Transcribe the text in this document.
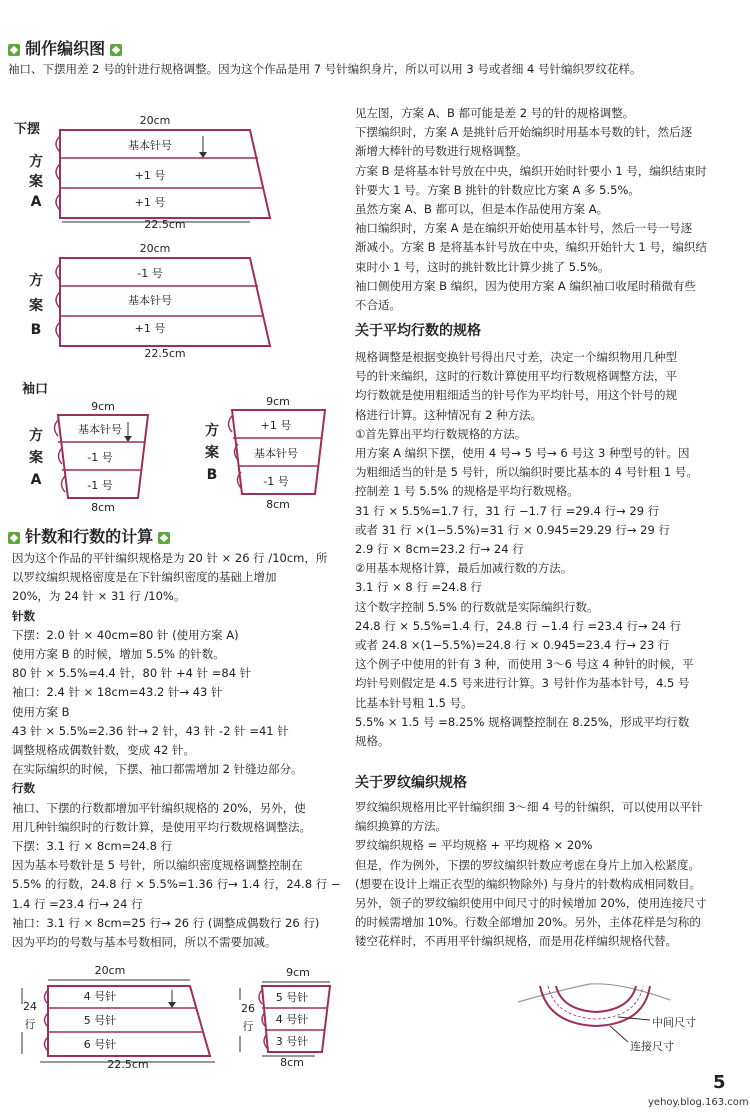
制作编织图
袖口、下摆用差 2 号的针进行规格调整。因为这个作品是用 7 号针编织身片，所以可以用 3 号或者细 4 号针编织罗纹花样。
下摆
20cm
22.5cm
基本针号
+1 号
+1 号
方
案
A
20cm
22.5cm
-1 号
基本针号
+1 号
方
案
B
9cm
8cm
基本针号
-1 号
-1 号
方
案
A
9cm
8cm
+1 号
基本针号
-1 号
方
案
B
袖口
针数和行数的计算
因为这个作品的平针编织规格是为 20 针 × 26 行 /10cm，所
以罗纹编织规格密度是在下针编织密度的基础上增加
20%，为 24 针 × 31 行 /10%。
针数
下摆：2.0 针 × 40cm=80 针 (使用方案 A)
使用方案 B 的时候，增加 5.5% 的针数。
80 针 × 5.5%=4.4 针，80 针 +4 针 =84 针
袖口：2.4 针 × 18cm=43.2 针→ 43 针
使用方案 B
43 针 × 5.5%=2.36 针→ 2 针，43 针 -2 针 =41 针
调整规格成偶数针数，变成 42 针。
在实际编织的时候，下摆、袖口都需增加 2 针缝边部分。
行数
袖口、下摆的行数都增加平针编织规格的 20%，另外，使
用几种针编织时的行数计算，是使用平均行数规格调整法。
下摆：3.1 行 × 8cm=24.8 行
因为基本号数针是 5 号针，所以编织密度规格调整控制在
5.5% 的行数，24.8 行 × 5.5%=1.36 行→ 1.4 行，24.8 行 −
1.4 行 =23.4 行→ 24 行
袖口：3.1 行 × 8cm=25 行→ 26 行 (调整成偶数行 26 行)
因为平均的号数与基本号数相同，所以不需要加减。
20cm
22.5cm
4 号针
5 号针
6 号针
24
行
9cm
8cm
5 号针
4 号针
3 号针
26
行
见左图，方案 A、B 都可能是差 2 号的针的规格调整。
下摆编织时，方案 A 是挑针后开始编织时用基本号数的针，然后逐
渐增大棒针的号数进行规格调整。
方案 B 是将基本针号放在中央，编织开始时针要小 1 号，编织结束时
针要大 1 号。方案 B 挑针的针数应比方案 A 多 5.5%。
虽然方案 A、B 都可以，但是本作品使用方案 A。
袖口编织时，方案 A 是在编织开始使用基本针号，然后一号一号逐
渐减小。方案 B 是将基本针号放在中央，编织开始针大 1 号，编织结
束时小 1 号，这时的挑针数比计算少挑了 5.5%。
袖口侧使用方案 B 编织，因为使用方案 A 编织袖口收尾时稍微有些
不合适。
关于平均行数的规格
规格调整是根据变换针号得出尺寸差，决定一个编织物用几种型
号的针来编织，这时的行数计算使用平均行数规格调整方法，平
均行数就是使用粗细适当的针号作为平均针号，用这个针号的规
格进行计算。这种情况有 2 种方法。
①首先算出平均行数规格的方法。
用方案 A 编织下摆，使用 4 号→ 5 号→ 6 号这 3 种型号的针。因
为粗细适当的针是 5 号针，所以编织时要比基本的 4 号针粗 1 号。
控制差 1 号 5.5% 的规格是平均行数规格。
31 行 × 5.5%=1.7 行，31 行 −1.7 行 =29.4 行→ 29 行
或者 31 行 ×(1−5.5%)=31 行 × 0.945=29.29 行→ 29 行
2.9 行 × 8cm=23.2 行→ 24 行
②用基本规格计算，最后加减行数的方法。
3.1 行 × 8 行 =24.8 行
这个数字控制 5.5% 的行数就是实际编织行数。
24.8 行 × 5.5%=1.4 行，24.8 行 −1.4 行 =23.4 行→ 24 行
或者 24.8 ×(1−5.5%)=24.8 行 × 0.945=23.4 行→ 23 行
这个例子中使用的针有 3 种，而使用 3～6 号这 4 种针的时候，平
均针号则假定是 4.5 号来进行计算。3 号针作为基本针号，4.5 号
比基本针号粗 1.5 号。
5.5% × 1.5 号 =8.25% 规格调整控制在 8.25%，形成平均行数
规格。
关于罗纹编织规格
罗纹编织规格用比平针编织细 3～细 4 号的针编织，可以使用以平针
编织换算的方法。
罗纹编织规格 = 平均规格 + 平均规格 × 20%
但是，作为例外，下摆的罗纹编织针数应考虑在身片上加入松紧度。
(想要在设计上端正衣型的编织物除外) 与身片的针数构成相同数目。
另外，领子的罗纹编织使用中间尺寸的时候增加 20%，使用连接尺寸
的时候需增加 10%。行数全部增加 20%。另外，主体花样是匀称的
镂空花样时，不再用平针编织规格，而是用花样编织规格代替。
中间尺寸
连接尺寸
5
yehoy.blog.163.com
